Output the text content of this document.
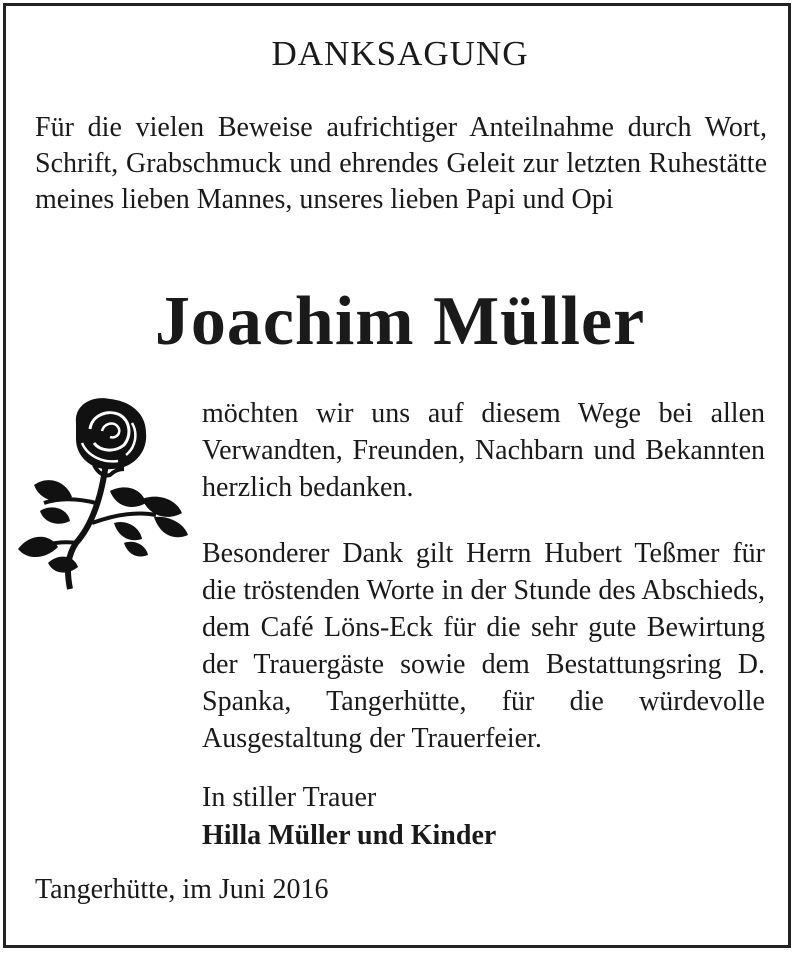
DANKSAGUNG
Für die vielen Beweise aufrichtiger Anteilnahme durch Wort, Schrift, Grabschmuck und ehrendes Geleit zur letzten Ruhestätte meines lieben Mannes, unseres lieben Papi und Opi
Joachim Müller
möchten wir uns auf diesem Wege bei allen Verwandten, Freunden, Nachbarn und Bekannten herzlich bedanken.
Besonderer Dank gilt Herrn Hubert Teßmer für die tröstenden Worte in der Stunde des Abschieds, dem Café Löns-Eck für die sehr gute Bewirtung der Trauergäste sowie dem Bestattungsring D. Spanka, Tangerhütte, für die würdevolle Ausgestaltung der Trauerfeier.
In stiller Trauer
Hilla Müller und Kinder
Tangerhütte, im Juni 2016
